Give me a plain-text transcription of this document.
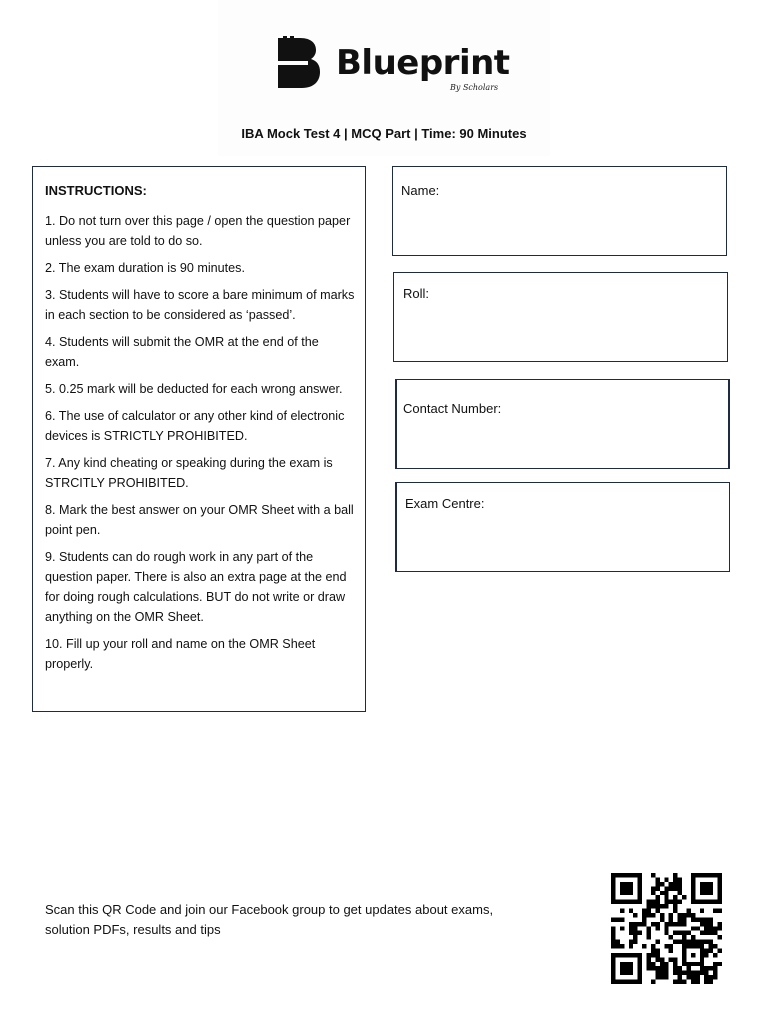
Blueprint
By Scholars
IBA Mock Test 4 | MCQ Part | Time: 90 Minutes
INSTRUCTIONS:
1. Do not turn over this page / open the question paper unless you are told to do so.
2. The exam duration is 90 minutes.
3. Students will have to score a bare minimum of marks in each section to be considered as ‘passed’.
4. Students will submit the OMR at the end of the exam.
5. 0.25 mark will be deducted for each wrong answer.
6. The use of calculator or any other kind of electronic devices is STRICTLY PROHIBITED.
7. Any kind cheating or speaking during the exam is STRCITLY PROHIBITED.
8. Mark the best answer on your OMR Sheet with a ball point pen.
9. Students can do rough work in any part of the question paper. There is also an extra page at the end for doing rough calculations. BUT do not write or draw anything on the OMR Sheet.
10. Fill up your roll and name on the OMR Sheet properly.
Name:
Roll:
Contact Number:
Exam Centre:
Scan this QR Code and join our Facebook group to get updates about exams, solution PDFs, results and tips
